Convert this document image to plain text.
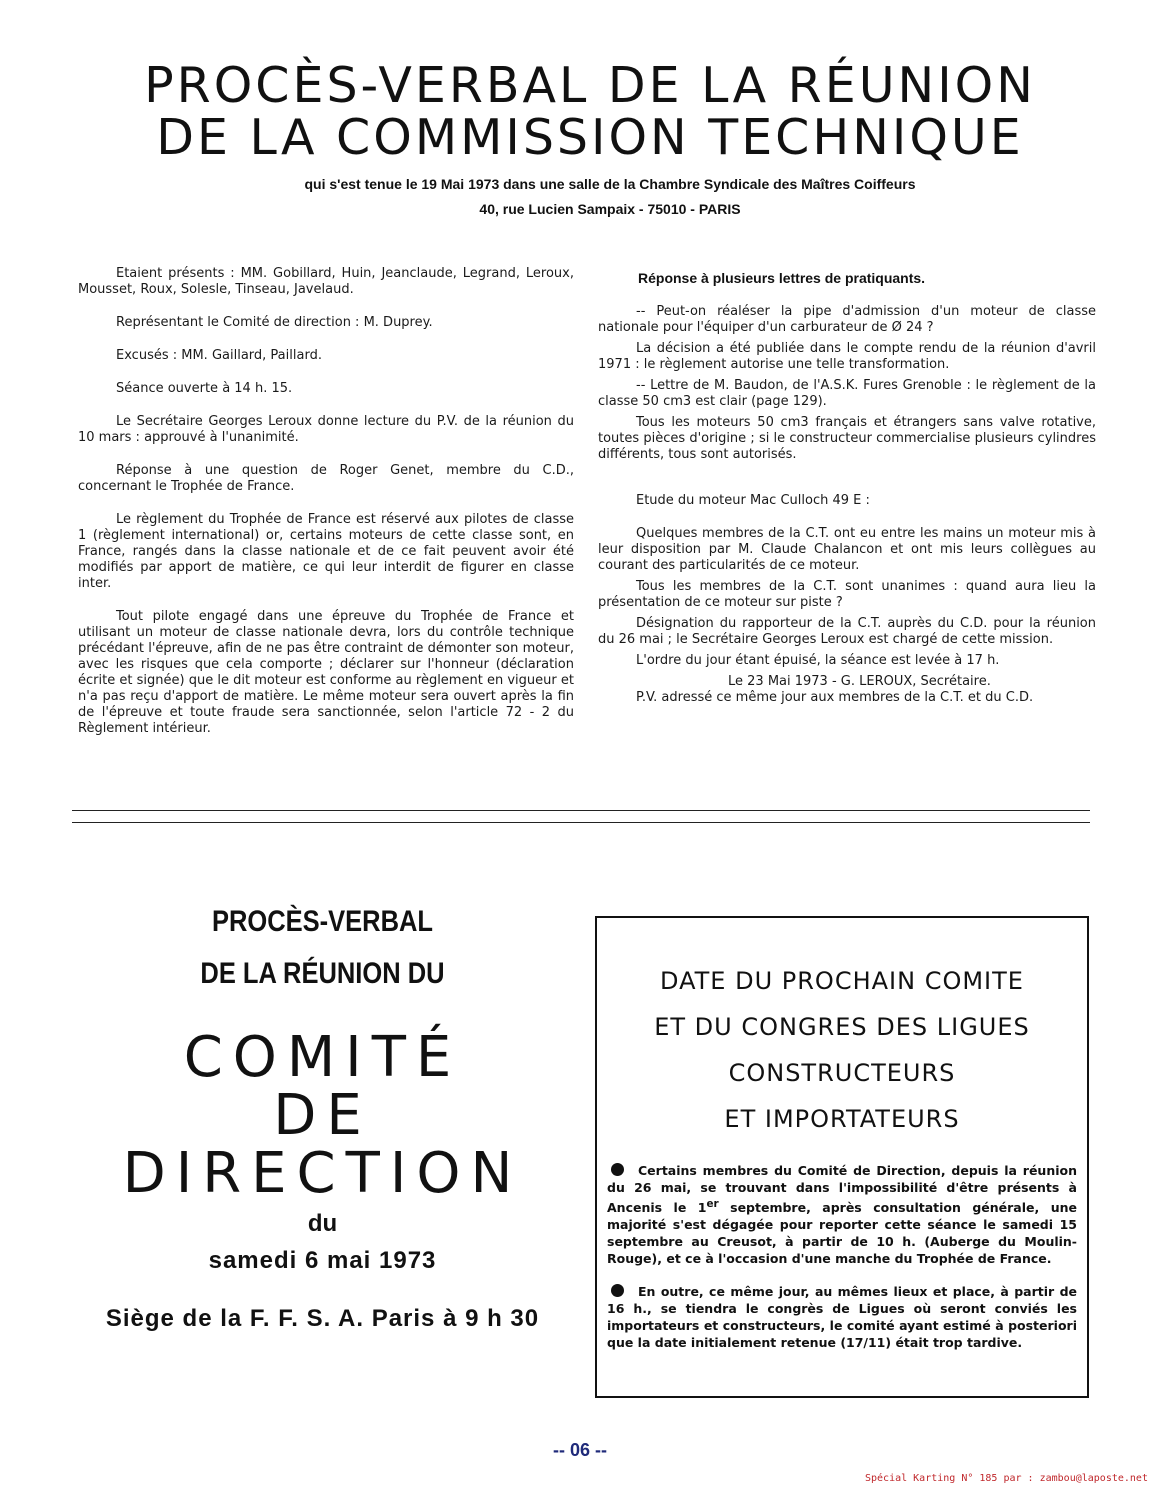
PROCÈS-VERBAL DE LA RÉUNION
DE LA COMMISSION TECHNIQUE
qui s'est tenue le 19 Mai 1973 dans une salle de la Chambre Syndicale des Maîtres Coiffeurs
40, rue Lucien Sampaix - 75010 - PARIS

Etaient présents : MM. Gobillard, Huin, Jeanclaude, Legrand, Leroux, Mousset, Roux, Solesle, Tinseau, Javelaud.

Représentant le Comité de direction : M. Duprey.

Excusés : MM. Gaillard, Paillard.

Séance ouverte à 14 h. 15.

Le Secrétaire Georges Leroux donne lecture du P.V. de la réunion du 10 mars : approuvé à l'unanimité.

Réponse à une question de Roger Genet, membre du C.D., concernant le Trophée de France.

Le règlement du Trophée de France est réservé aux pilotes de classe 1 (règlement international) or, certains moteurs de cette classe sont, en France, rangés dans la classe nationale et de ce fait peuvent avoir été modifiés par apport de matière, ce qui leur interdit de figurer en classe inter.

Tout pilote engagé dans une épreuve du Trophée de France et utilisant un moteur de classe nationale devra, lors du contrôle technique précédant l'épreuve, afin de ne pas être contraint de démonter son moteur, avec les risques que cela comporte ; déclarer sur l'honneur (déclaration écrite et signée) que le dit moteur est conforme au règlement en vigueur et n'a pas reçu d'apport de matière. Le même moteur sera ouvert après la fin de l'épreuve et toute fraude sera sanctionnée, selon l'article 72 - 2 du Règlement intérieur.

Réponse à plusieurs lettres de pratiquants.

-- Peut-on réaléser la pipe d'admission d'un moteur de classe nationale pour l'équiper d'un carburateur de Ø 24 ?

La décision a été publiée dans le compte rendu de la réunion d'avril 1971 : le règlement autorise une telle transformation.

-- Lettre de M. Baudon, de l'A.S.K. Fures Grenoble : le règlement de la classe 50 cm3 est clair (page 129).

Tous les moteurs 50 cm3 français et étrangers sans valve rotative, toutes pièces d'origine ; si le constructeur commercialise plusieurs cylindres différents, tous sont autorisés.

Etude du moteur Mac Culloch 49 E :

Quelques membres de la C.T. ont eu entre les mains un moteur mis à leur disposition par M. Claude Chalancon et ont mis leurs collègues au courant des particularités de ce moteur.

Tous les membres de la C.T. sont unanimes : quand aura lieu la présentation de ce moteur sur piste ?

Désignation du rapporteur de la C.T. auprès du C.D. pour la réunion du 26 mai ; le Secrétaire Georges Leroux est chargé de cette mission.

L'ordre du jour étant épuisé, la séance est levée à 17 h.

Le 23 Mai 1973 - G. LEROUX, Secrétaire.

P.V. adressé ce même jour aux membres de la C.T. et du C.D.

PROCÈS-VERBAL
DE LA RÉUNION DU
COMITÉ
DE
DIRECTION
du
samedi 6 mai 1973
Siège de la F. F. S. A. Paris à 9 h 30
DATE DU PROCHAIN COMITE
ET DU CONGRES DES LIGUES
CONSTRUCTEURS
ET IMPORTATEURS

Certains membres du Comité de Direction, depuis la réunion du 26 mai, se trouvant dans l'impossibilité d'être présents à Ancenis le 1er septembre, après consultation générale, une majorité s'est dégagée pour reporter cette séance le samedi 15 septembre au Creusot, à partir de 10 h. (Auberge du Moulin-Rouge), et ce à l'occasion d'une manche du Trophée de France.

En outre, ce même jour, au mêmes lieux et place, à partir de 16 h., se tiendra le congrès de Ligues où seront conviés les importateurs et constructeurs, le comité ayant estimé à posteriori que la date initialement retenue (17/11) était trop tardive.

-- 06 --
Spécial Karting N° 185 par : zambou@laposte.net
